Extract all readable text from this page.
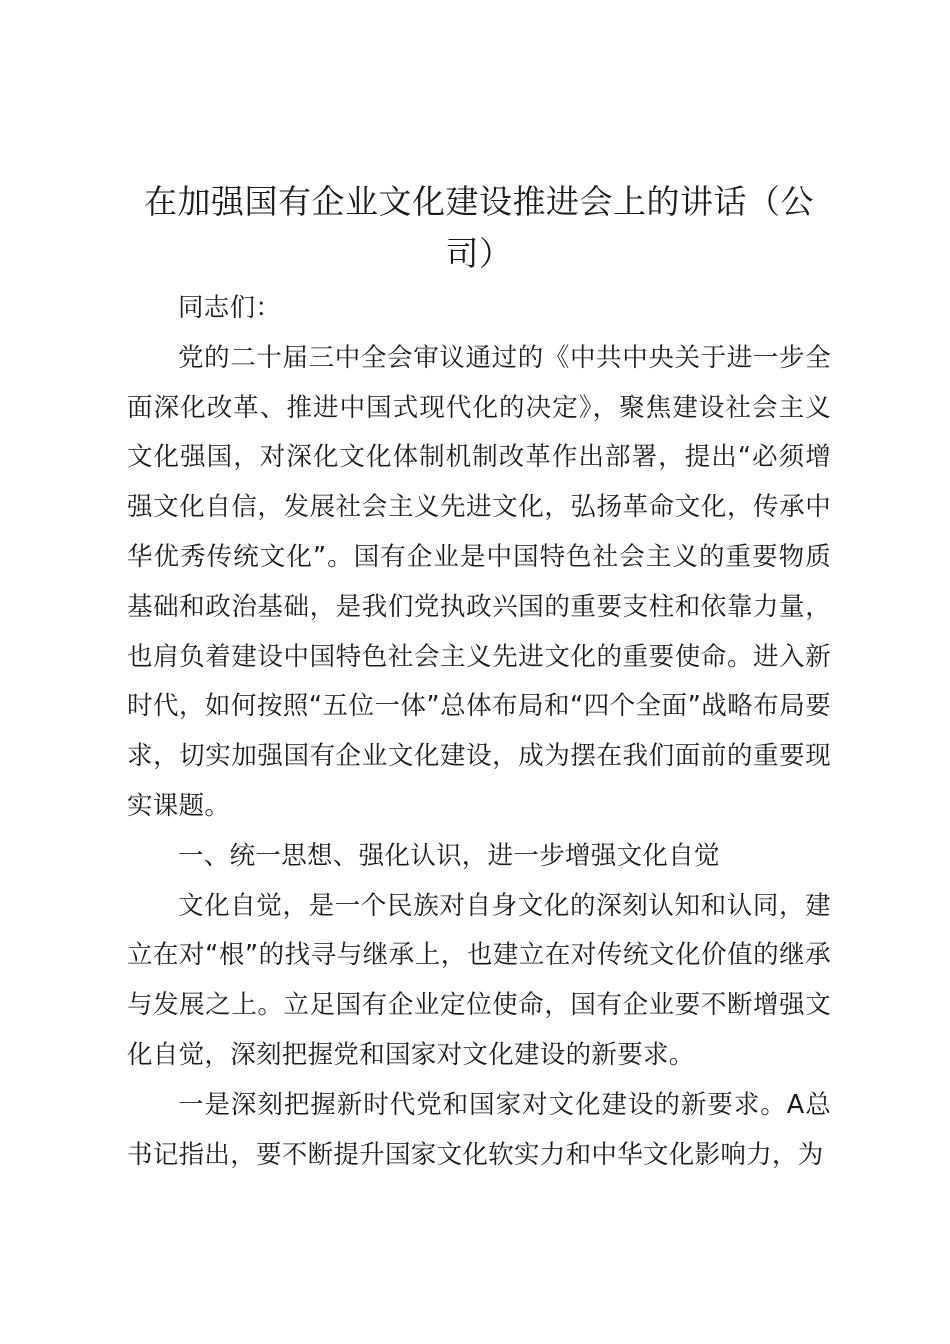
在加强国有企业文化建设推进会上的讲话（公司）

同志们：

党的二十届三中全会审议通过的《中共中央关于进一步全面深化改革、推进中国式现代化的决定》，聚焦建设社会主义文化强国，对深化文化体制机制改革作出部署，提出“必须增强文化自信，发展社会主义先进文化，弘扬革命文化，传承中华优秀传统文化”。国有企业是中国特色社会主义的重要物质基础和政治基础，是我们党执政兴国的重要支柱和依靠力量，也肩负着建设中国特色社会主义先进文化的重要使命。进入新时代，如何按照“五位一体”总体布局和“四个全面”战略布局要求，切实加强国有企业文化建设，成为摆在我们面前的重要现实课题。

一、统一思想、强化认识，进一步增强文化自觉

文化自觉，是一个民族对自身文化的深刻认知和认同，建立在对“根”的找寻与继承上，也建立在对传统文化价值的继承与发展之上。立足国有企业定位使命，国有企业要不断增强文化自觉，深刻把握党和国家对文化建设的新要求。

一是深刻把握新时代党和国家对文化建设的新要求。A总书记指出，要不断提升国家文化软实力和中华文化影响力，为
